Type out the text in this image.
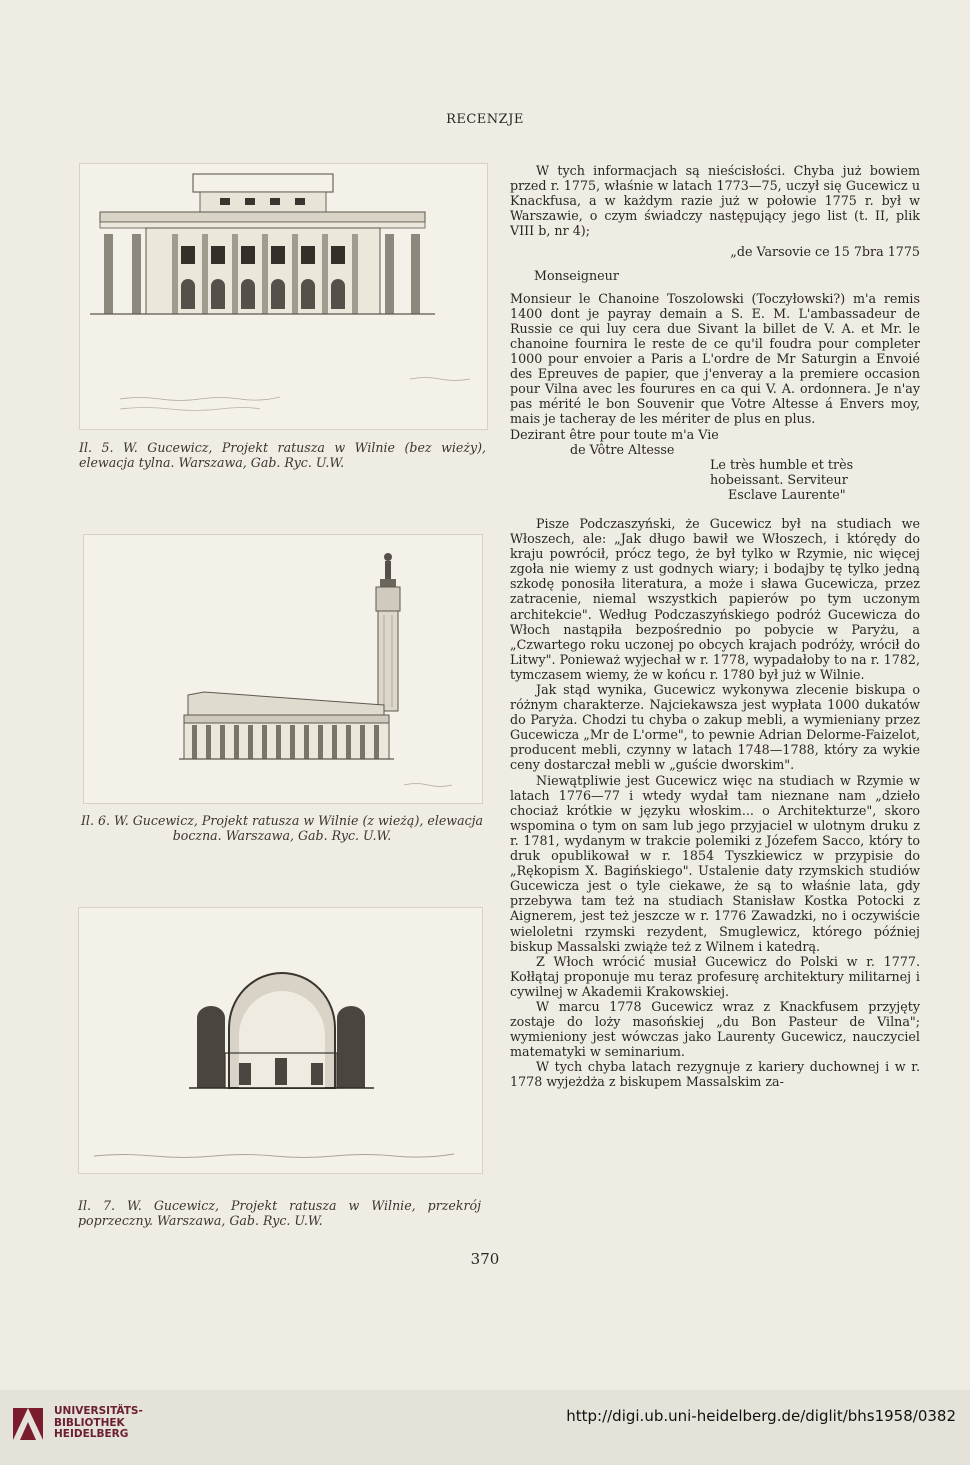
RECENZJE
Il. 5. W. Gucewicz, Projekt ratusza w Wilnie (bez wieży), elewacja tylna. Warszawa, Gab. Ryc. U.W.
Il. 6. W. Gucewicz, Projekt ratusza w Wilnie (z wieżą), elewacja boczna. Warszawa, Gab. Ryc. U.W.
Il. 7. W. Gucewicz, Projekt ratusza w Wilnie, przekrój poprzeczny. Warszawa, Gab. Ryc. U.W.

W tych informacjach są nieścisłości. Chyba już bowiem przed r. 1775, właśnie w latach 1773—75, uczył się Gucewicz u Knackfusa, a w każdym razie już w połowie 1775 r. był w Warszawie, o czym świadczy następujący jego list (t. II, plik VIII b, nr 4);

„de Varsovie ce 15 7bra 1775

Monseigneur

Monsieur le Chanoine Toszolowski (Toczyłowski?) m'a remis 1400 dont je payray demain a S. E. M. L'ambassadeur de Russie ce qui luy cera due Sivant la billet de V. A. et Mr. le chanoine fournira le reste de ce qu'il foudra pour completer 1000 pour envoier a Paris a L'ordre de Mr Saturgin a Envoié des Epreuves de papier, que j'enveray a la premiere occasion pour Vilna avec les fourures en ca qui V. A. ordonnera. Je n'ay pas mérité le bon Souvenir que Votre Altesse á Envers moy, mais je tacheray de les mériter de plus en plus.

Dezirant être pour toute m'a Vie

de Vôtre Altesse

Le très humble et très

hobeissant. Serviteur

Esclave Laurente"

Pisze Podczaszyński, że Gucewicz był na studiach we Włoszech, ale: „Jak długo bawił we Włoszech, i którędy do kraju powrócił, prócz tego, że był tylko w Rzymie, nic więcej zgoła nie wiemy z ust godnych wiary; i bodajby tę tylko jedną szkodę ponosiła literatura, a może i sława Gucewicza, przez zatracenie, niemal wszystkich papierów po tym uczonym architekcie". Według Podczaszyńskiego podróż Gucewicza do Włoch nastąpiła bezpośrednio po pobycie w Paryżu, a „Czwartego roku uczonej po obcych krajach podróży, wrócił do Litwy". Ponieważ wyjechał w r. 1778, wypadałoby to na r. 1782, tymczasem wiemy, że w końcu r. 1780 był już w Wilnie.

Jak stąd wynika, Gucewicz wykonywa zlecenie biskupa o różnym charakterze. Najciekawsza jest wypłata 1000 dukatów do Paryża. Chodzi tu chyba o zakup mebli, a wymieniany przez Gucewicza „Mr de L'orme", to pewnie Adrian Delorme-Faizelot, producent mebli, czynny w latach 1748—1788, który za wykie ceny dostarczał mebli w „guście dworskim".

Niewątpliwie jest Gucewicz więc na studiach w Rzymie w latach 1776—77 i wtedy wydał tam nieznane nam „dzieło chociaż krótkie w języku włoskim... o Architekturze", skoro wspomina o tym on sam lub jego przyjaciel w ulotnym druku z r. 1781, wydanym w trakcie polemiki z Józefem Sacco, który to druk opublikował w r. 1854 Tyszkiewicz w przypisie do „Rękopism X. Bagińskiego". Ustalenie daty rzymskich studiów Gucewicza jest o tyle ciekawe, że są to właśnie lata, gdy przebywa tam też na studiach Stanisław Kostka Potocki z Aignerem, jest też jeszcze w r. 1776 Zawadzki, no i oczywiście wieloletni rzymski rezydent, Smuglewicz, którego później biskup Massalski zwiąże też z Wilnem i katedrą.

Z Włoch wrócić musiał Gucewicz do Polski w r. 1777. Kołłątaj proponuje mu teraz profesurę architektury militarnej i cywilnej w Akademii Krakowskiej.

W marcu 1778 Gucewicz wraz z Knackfusem przyjęty zostaje do loży masońskiej „du Bon Pasteur de Vilna"; wymieniony jest wówczas jako Laurenty Gucewicz, nauczyciel matematyki w seminarium.

W tych chyba latach rezygnuje z kariery duchownej i w r. 1778 wyjeżdża z biskupem Massalskim za-

370
UNIVERSITÄTS-
BIBLIOTHEK
HEIDELBERG
http://digi.ub.uni-heidelberg.de/diglit/bhs1958/0382
